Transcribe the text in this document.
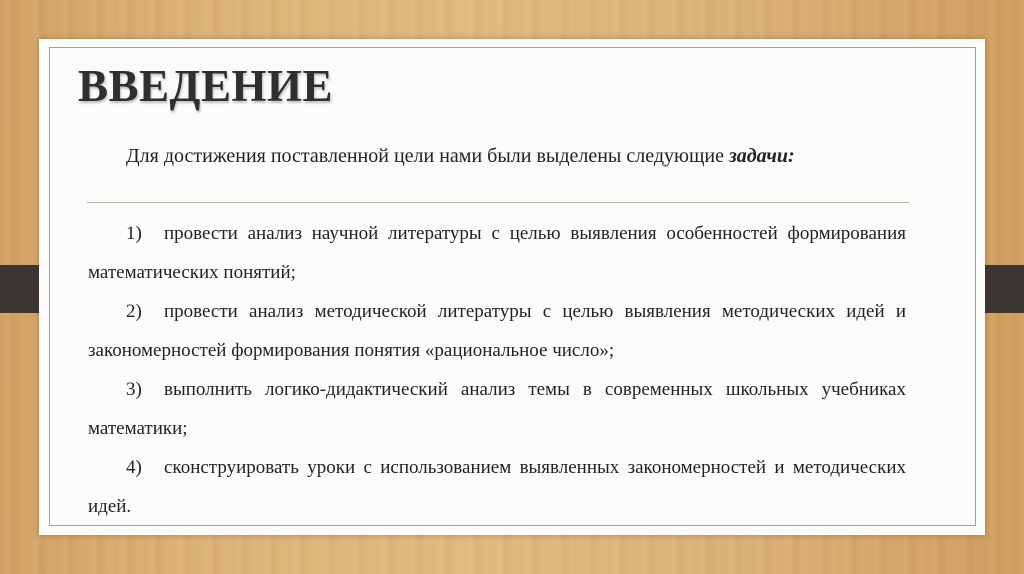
ВВЕДЕНИЕ
Для достижения поставленной цели нами были выделены следующие задачи:
1) провести анализ научной литературы с целью выявления особенностей формирования математических понятий;
2) провести анализ методической литературы с целью выявления методических идей и закономерностей формирования понятия «рациональное число»;
3) выполнить логико-дидактический анализ темы в современных школьных учебниках математики;
4) сконструировать уроки с использованием выявленных закономерностей и методических идей.
